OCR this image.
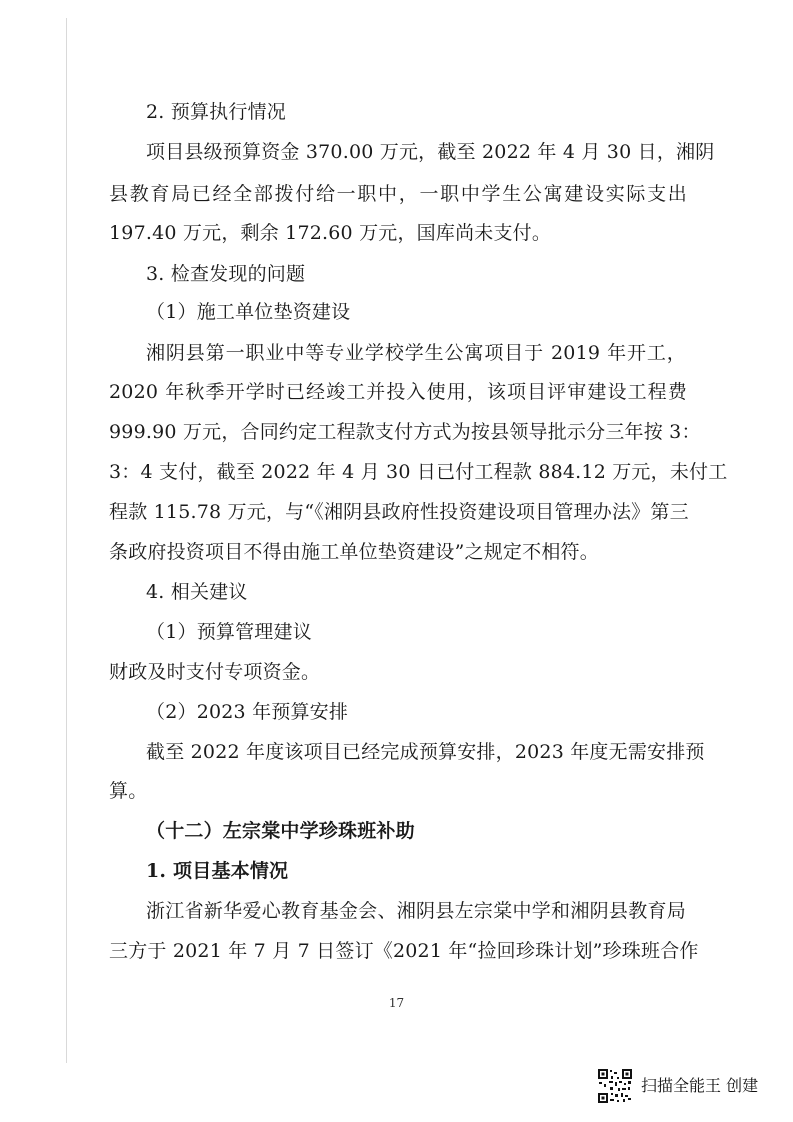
2. 预算执行情况
项目县级预算资金 370.00 万元，截至 2022 年 4 月 30 日，湘阴
县教育局已经全部拨付给一职中，一职中学生公寓建设实际支出
197.40 万元，剩余 172.60 万元，国库尚未支付。
3. 检查发现的问题
（1）施工单位垫资建设
湘阴县第一职业中等专业学校学生公寓项目于 2019 年开工，
2020 年秋季开学时已经竣工并投入使用，该项目评审建设工程费
999.90 万元，合同约定工程款支付方式为按县领导批示分三年按 3：
3：4 支付，截至 2022 年 4 月 30 日已付工程款 884.12 万元，未付工
程款 115.78 万元，与“《湘阴县政府性投资建设项目管理办法》第三
条政府投资项目不得由施工单位垫资建设”之规定不相符。
4. 相关建议
（1）预算管理建议
财政及时支付专项资金。
（2）2023 年预算安排
截至 2022 年度该项目已经完成预算安排，2023 年度无需安排预
算。
（十二）左宗棠中学珍珠班补助
1. 项目基本情况
浙江省新华爱心教育基金会、湘阴县左宗棠中学和湘阴县教育局
三方于 2021 年 7 月 7 日签订《2021 年“捡回珍珠计划”珍珠班合作
17
扫描全能王 创建
